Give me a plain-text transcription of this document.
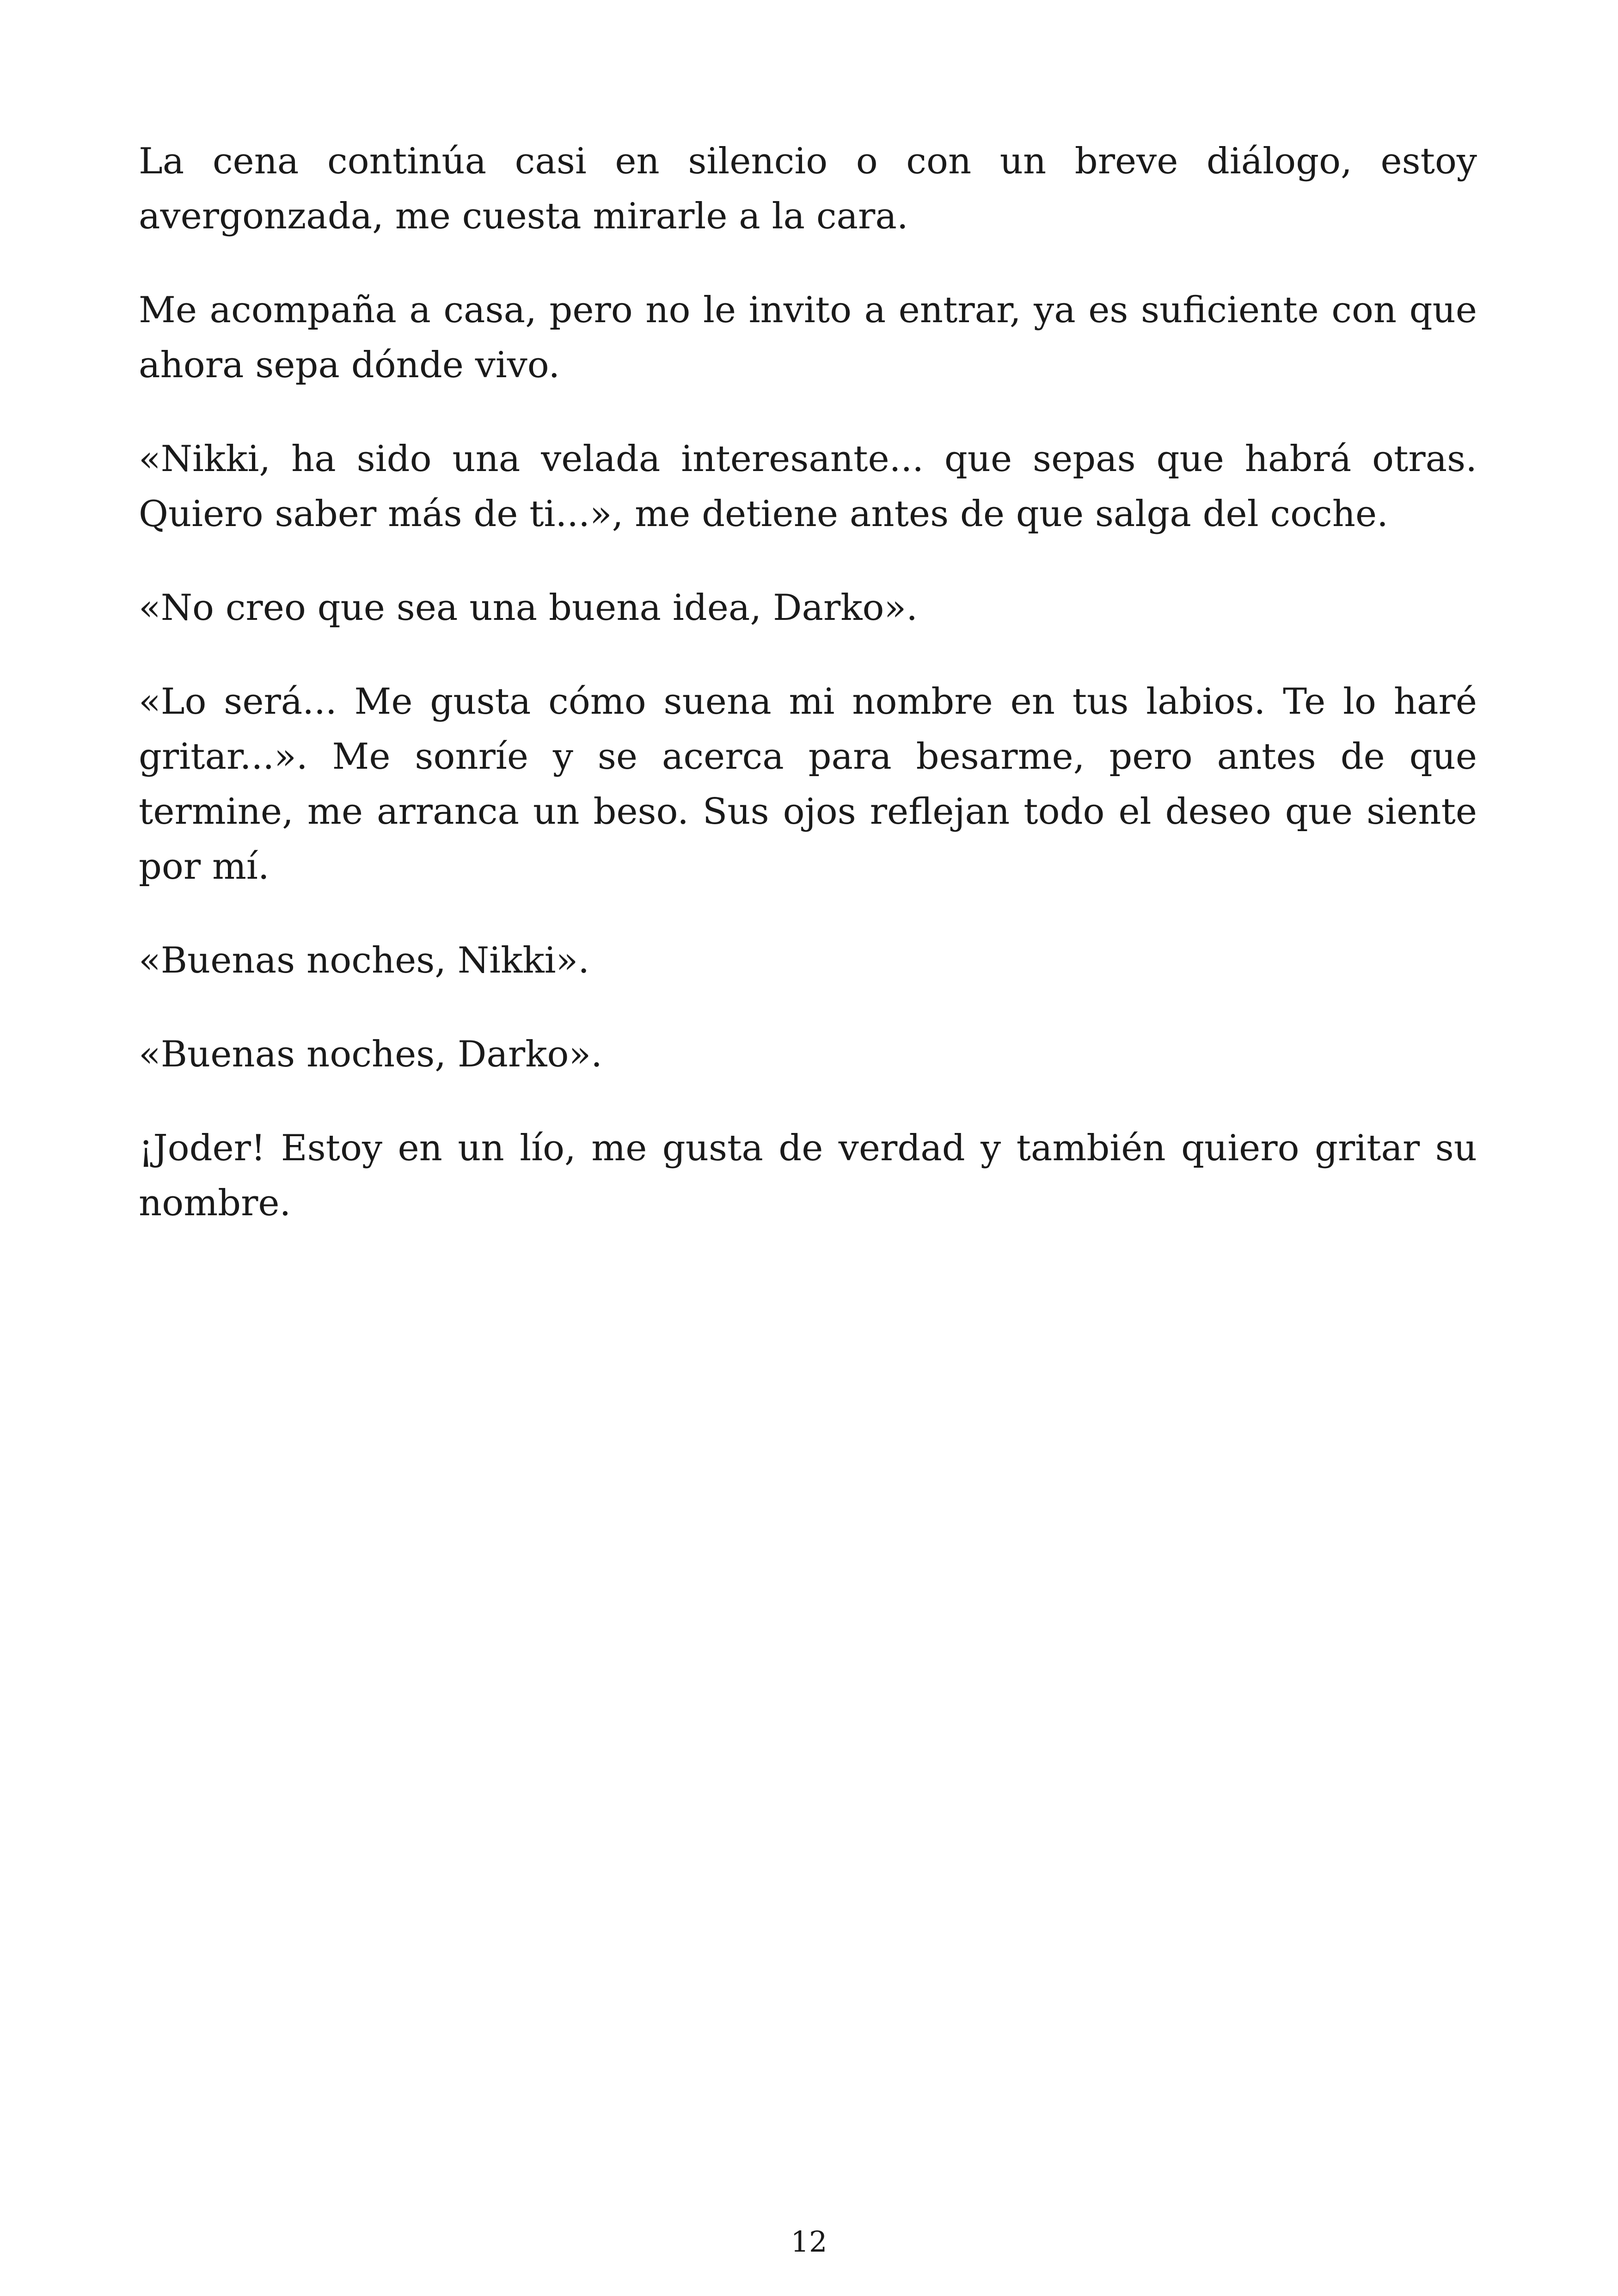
La cena continúa casi en silencio o con un breve diálogo, estoy avergonzada, me cuesta mirarle a la cara.

Me acompaña a casa, pero no le invito a entrar, ya es suficiente con que ahora sepa dónde vivo.

«Nikki, ha sido una velada interesante... que sepas que habrá otras. Quiero saber más de ti...», me detiene antes de que salga del coche.

«No creo que sea una buena idea, Darko».

«Lo será... Me gusta cómo suena mi nombre en tus labios. Te lo haré gritar...». Me sonríe y se acerca para besarme, pero antes de que termine, me arranca un beso. Sus ojos reflejan todo el deseo que siente por mí.

«Buenas noches, Nikki».

«Buenas noches, Darko».

¡Joder! Estoy en un lío, me gusta de verdad y también quiero gritar su nombre.

12
